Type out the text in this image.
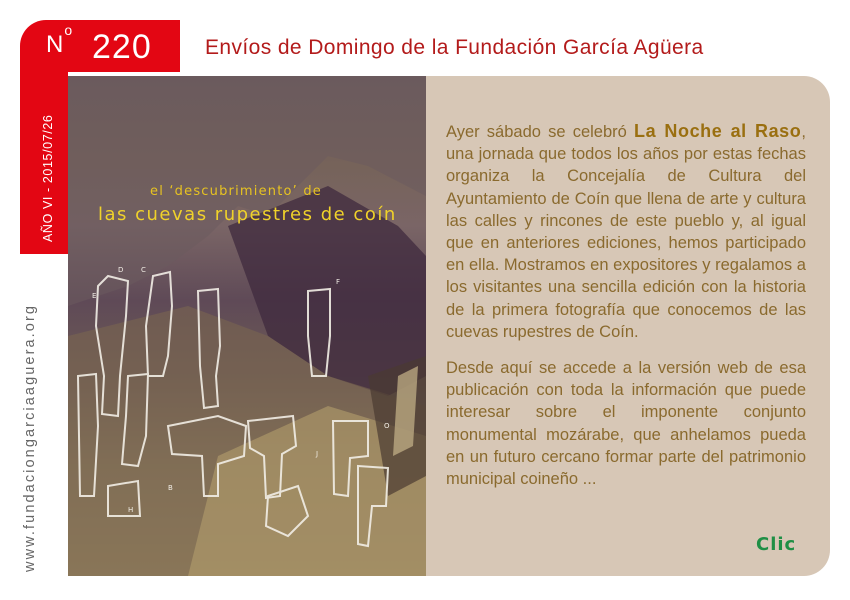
$N^o$ 220
AÑO VI - 2015/07/26
www.fundaciongarciaaguera.org
Envíos de Domingo de la Fundación García Agüera
D	C
E
F
O
H
B
J
el ‘descubrimiento’ de
las cuevas rupestres de coín

Ayer sábado se celebró La Noche al Raso, una jornada que todos los años por estas fechas organiza la Concejalía de Cultura del Ayuntamiento de Coín que llena de arte y cultura las calles y rincones de este pueblo y, al igual que en anteriores ediciones, hemos participado en ella. Mostramos en expositores y regalamos a los visitantes una sencilla edición con la historia de la primera fotografía que conocemos de las cuevas rupestres de Coín.

Desde aquí se accede a la versión web de esa publicación con toda la información que puede interesar sobre el imponente conjunto monumental mozárabe, que anhelamos pueda en un futuro cercano formar parte del patrimonio municipal coineño ...

Clic
